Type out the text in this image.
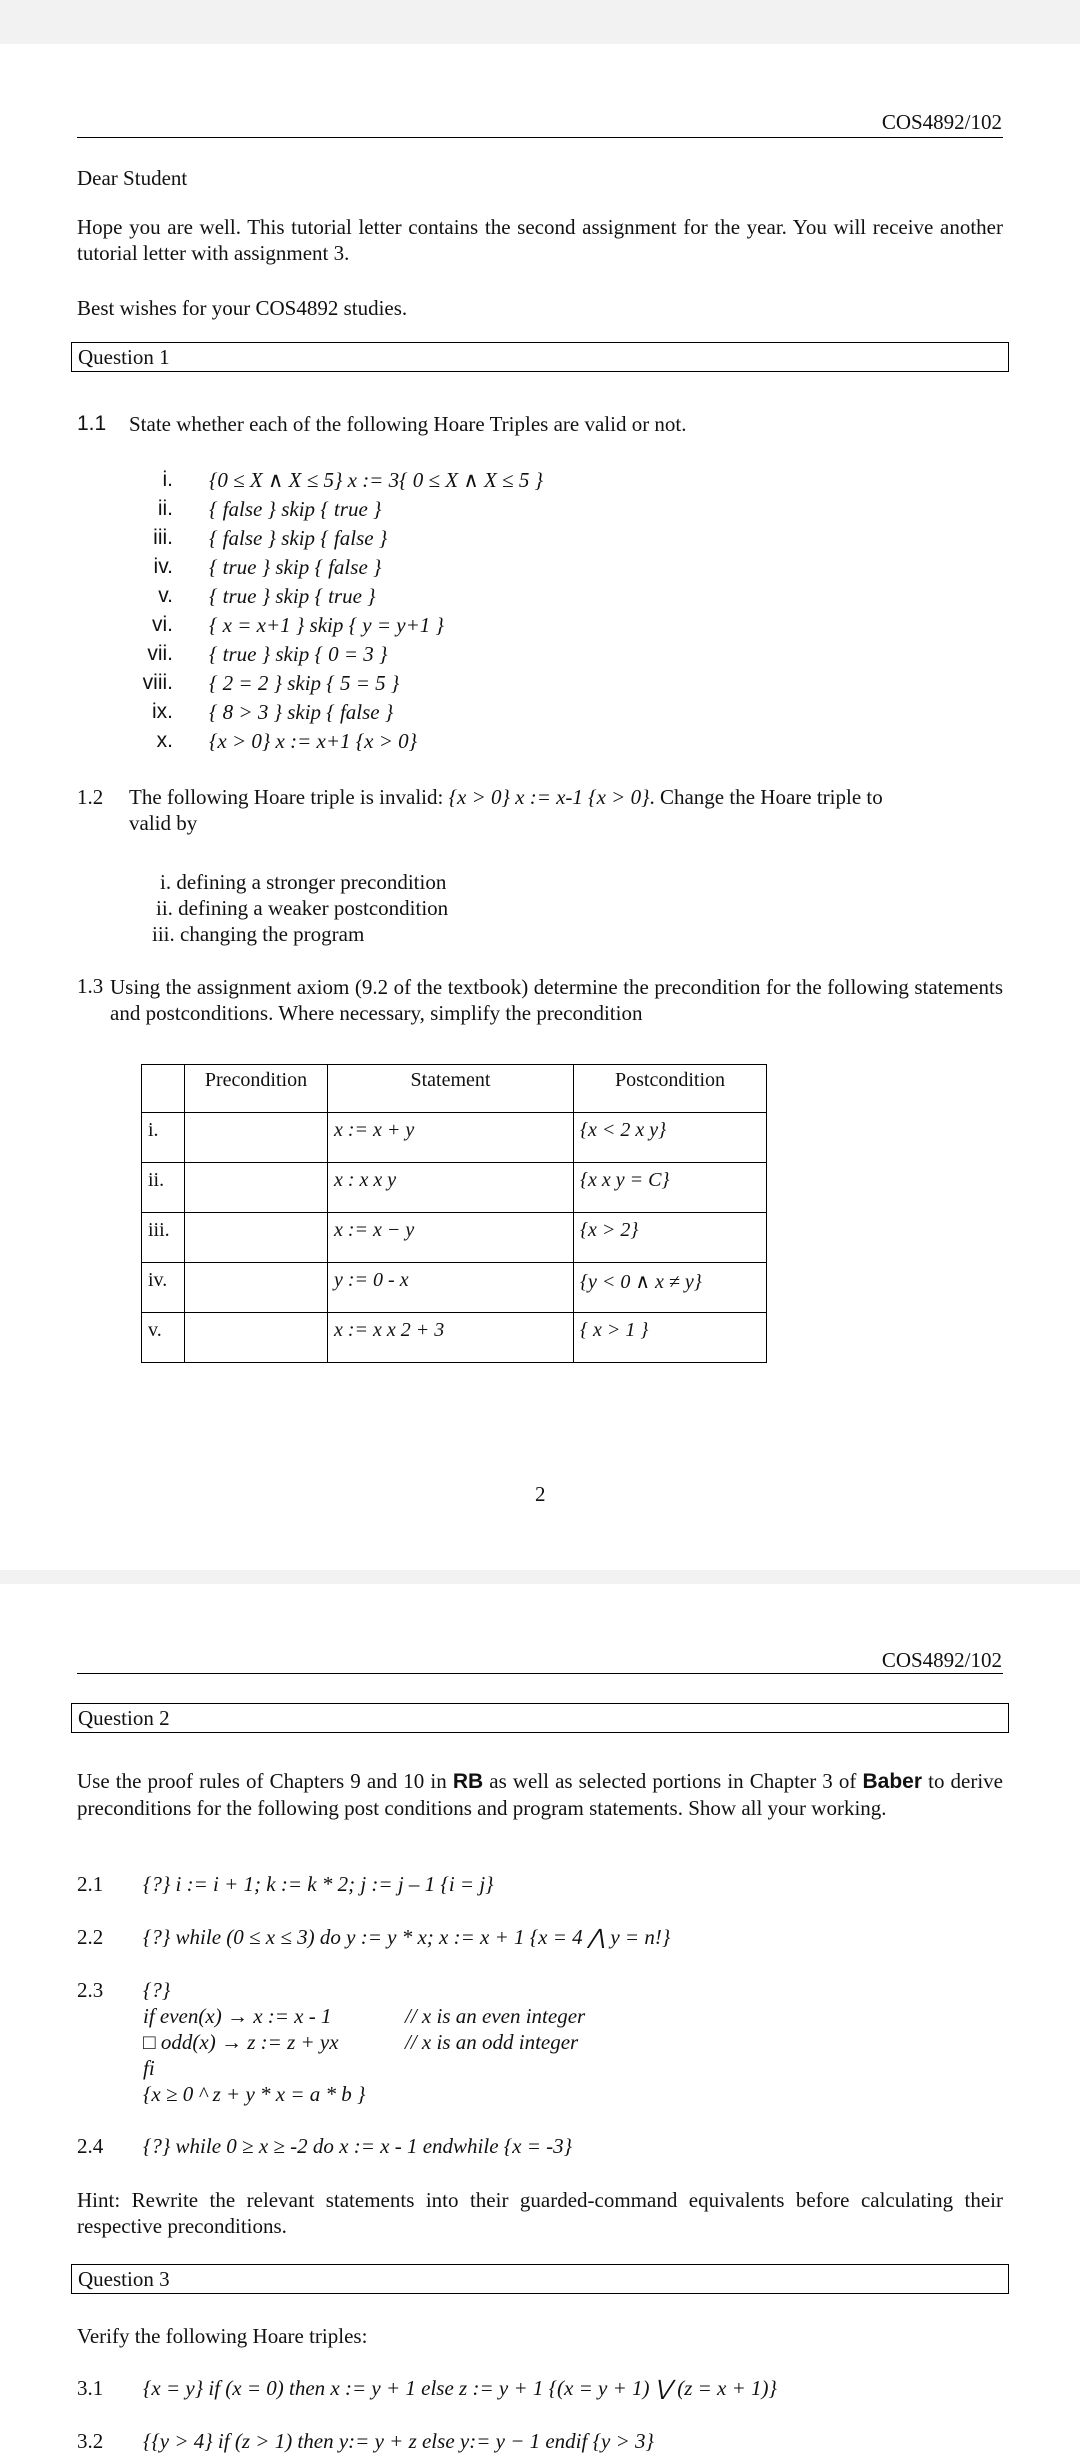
COS4892/102
Dear Student
Hope you are well. This tutorial letter contains the second assignment for the year. You will receive another tutorial letter with assignment 3.
Best wishes for your COS4892 studies.
Question 1
1.1 State whether each of the following Hoare Triples are valid or not.
i. {0 ≤ X ∧ X ≤ 5} x := 3{ 0 ≤ X ∧ X ≤ 5 }
ii. { false } skip { true }
iii. { false } skip { false }
iv. { true } skip { false }
v. { true } skip { true }
vi. { x = x+1 } skip { y = y+1 }
vii. { true } skip { 0 = 3 }
viii. { 2 = 2 } skip { 5 = 5 }
ix. { 8 > 3 } skip { false }
x. {x > 0} x := x+1 {x > 0}
1.2 The following Hoare triple is invalid: {x > 0} x := x-1 {x > 0}. Change the Hoare triple to
valid by
i. defining a stronger precondition
ii. defining a weaker postcondition
iii. changing the program
1.3 Using the assignment axiom (9.2 of the textbook) determine the precondition for the following statements and postconditions. Where necessary, simplify the precondition
	Precondition	Statement	Postcondition
i.		x := x + y	{x < 2 x y}
ii.		x : x x y	{x x y = C}
iii.		x := x − y	{x > 2}
iv.		y := 0 - x	{y < 0 ∧ x ≠ y}
v.		x := x x 2 + 3	{ x > 1 }
2
COS4892/102
Question 2
Use the proof rules of Chapters 9 and 10 in RB as well as selected portions in Chapter 3 of Baber to derive preconditions for the following post conditions and program statements. Show all your working.
2.1 {?} i := i + 1; k := k * 2; j := j – 1 {i = j}
2.2 {?} while (0 ≤ x ≤ 3) do y := y * x; x := x + 1 {x = 4 ⋀ y = n!}
2.3 {?}
if even(x) → x := x - 1	// x is an even integer
□ odd(x) → z := z + yx	// x is an odd integer
fi
{x ≥ 0 ^ z + y * x = a * b }
2.4 {?} while 0 ≥ x ≥ -2 do x := x - 1 endwhile {x = -3}
Hint: Rewrite the relevant statements into their guarded-command equivalents before calculating their respective preconditions.
Question 3
Verify the following Hoare triples:
3.1 {x = y} if (x = 0) then x := y + 1 else z := y + 1 {(x = y + 1) ⋁ (z = x + 1)}
3.2 {{y > 4} if (z > 1) then y:= y + z else y:= y − 1 endif {y > 3}
